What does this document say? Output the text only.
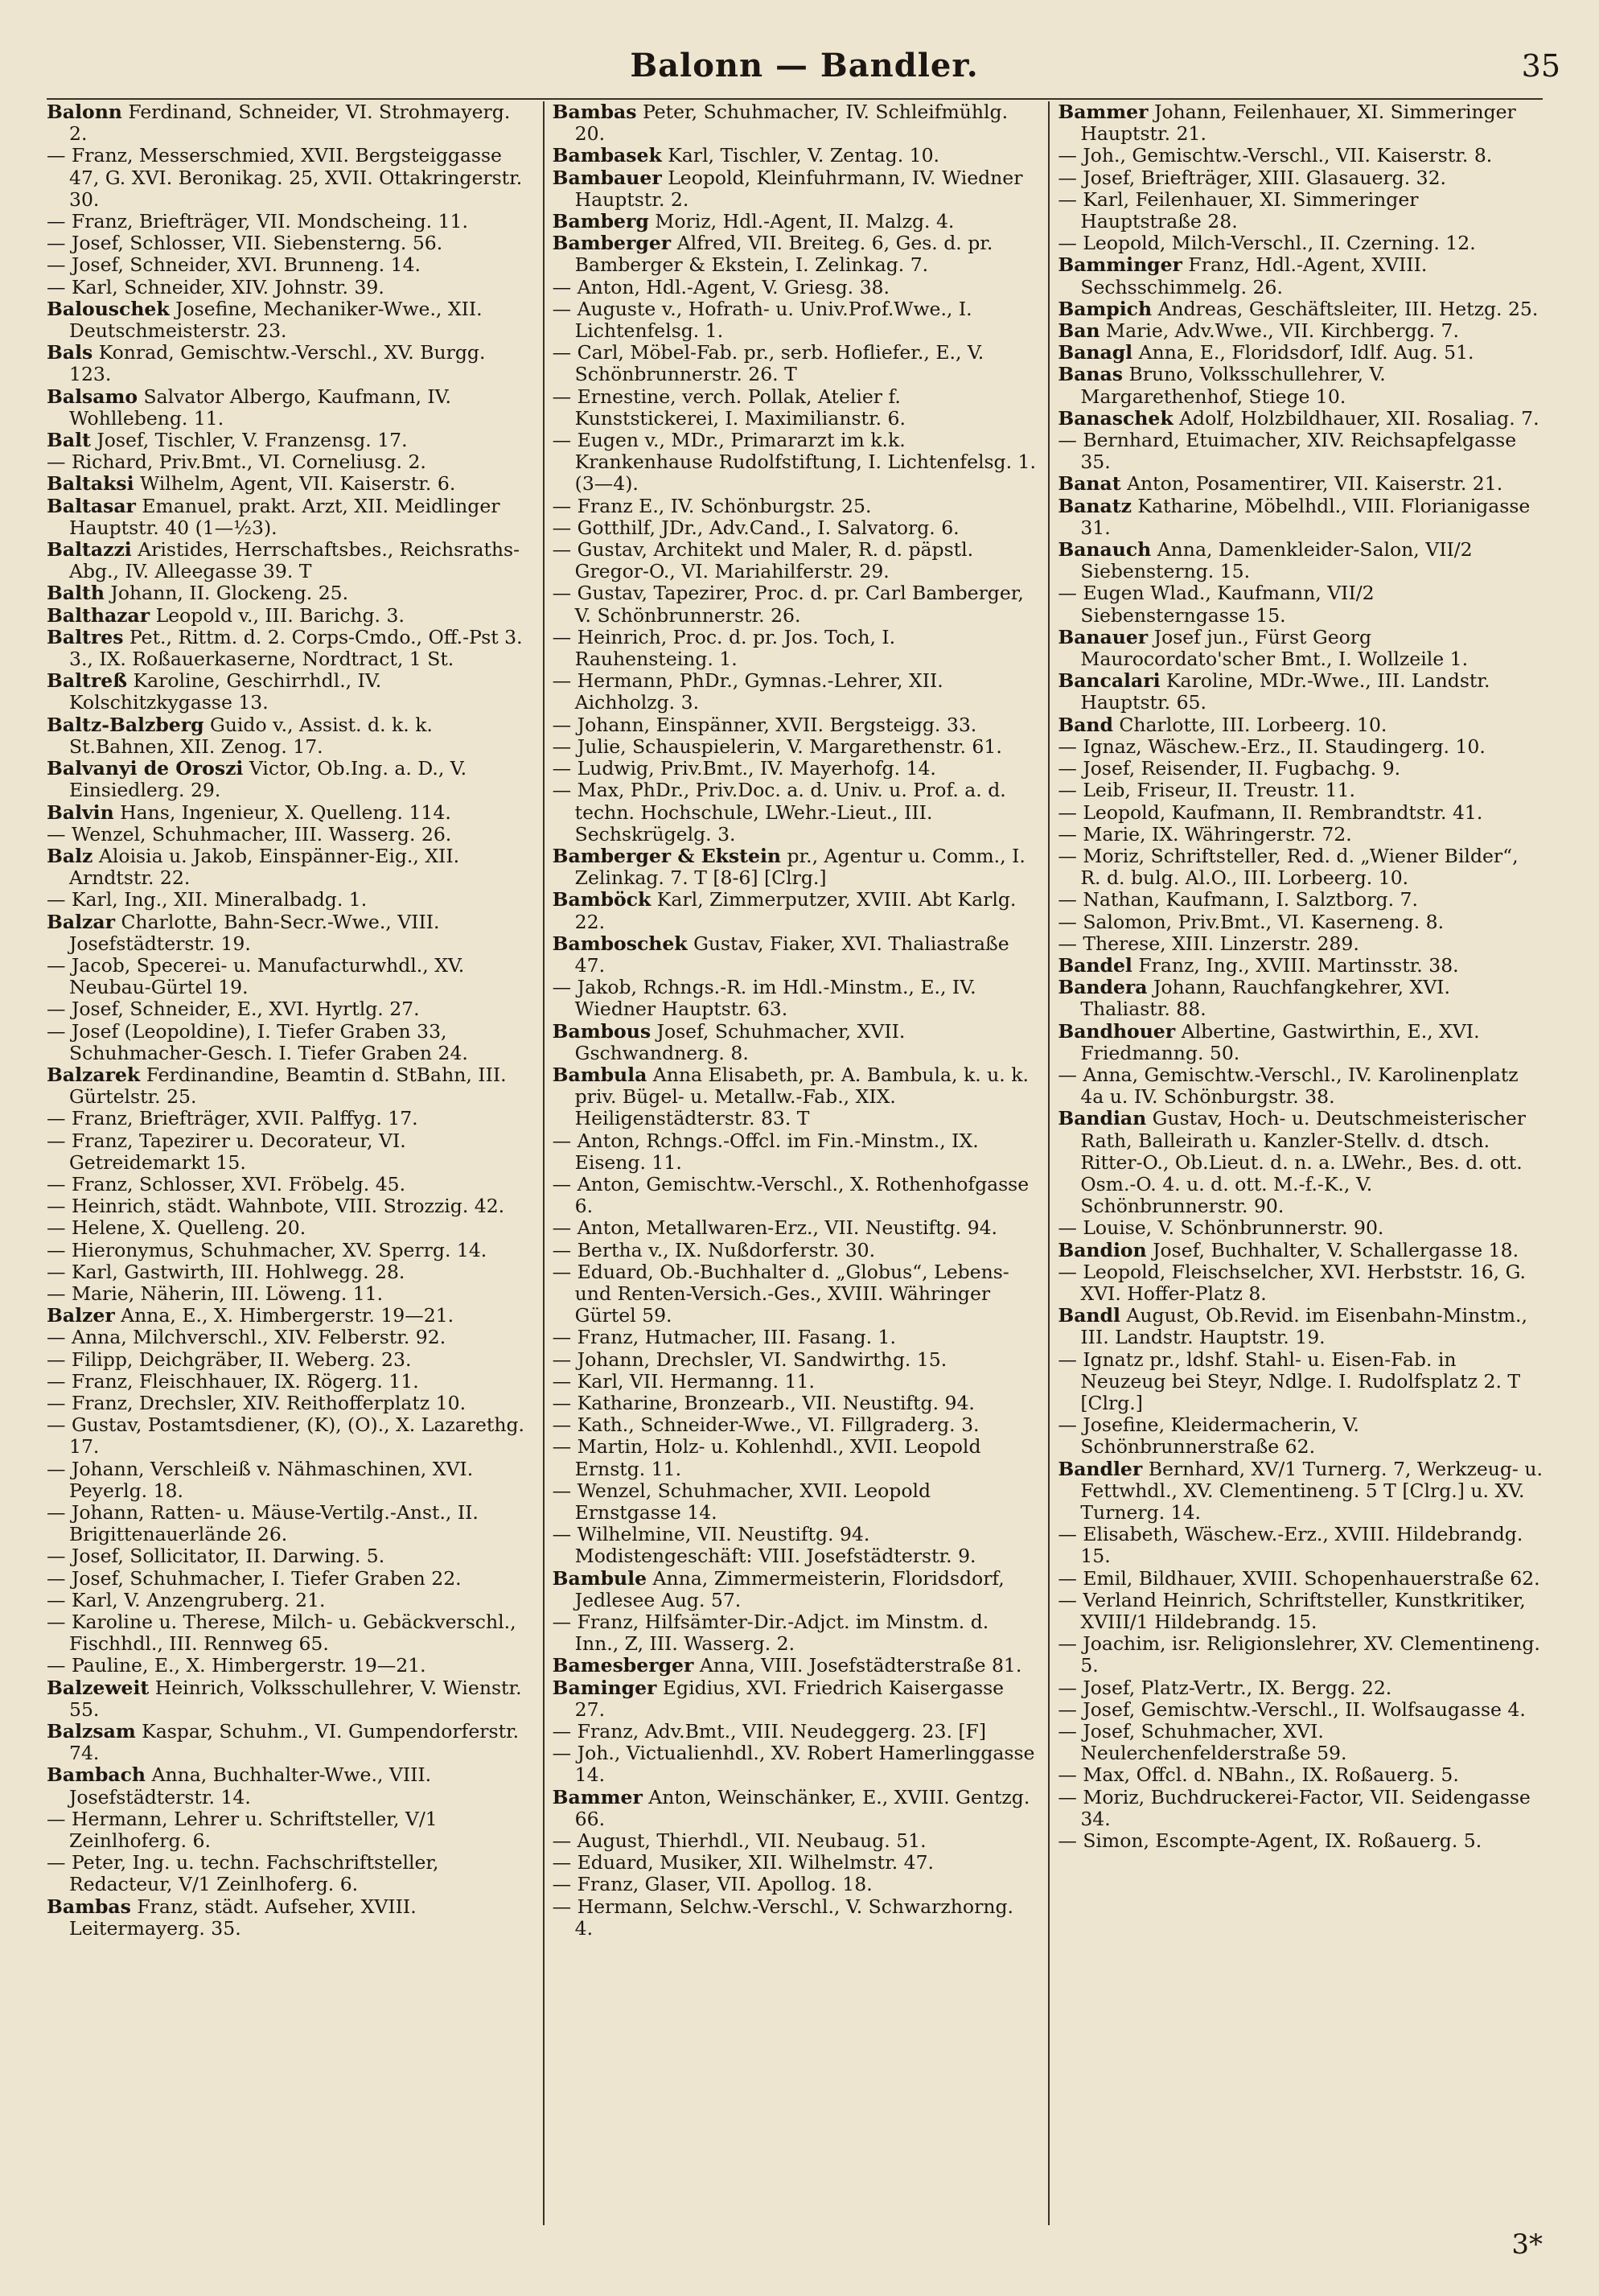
Balonn — Bandler.	35

Balonn Ferdinand, Schneider, VI. Strohmayerg. 2.

— Franz, Messerschmied, XVII. Bergsteiggasse 47, G. XVI. Beronikag. 25, XVII. Ottakringerstr. 30.

— Franz, Briefträger, VII. Mondscheing. 11.

— Josef, Schlosser, VII. Siebensterng. 56.

— Josef, Schneider, XVI. Brunneng. 14.

— Karl, Schneider, XIV. Johnstr. 39.

Balouschek Josefine, Mechaniker-Wwe., XII. Deutschmeisterstr. 23.

Bals Konrad, Gemischtw.-Verschl., XV. Burgg. 123.

Balsamo Salvator Albergo, Kaufmann, IV. Wohllebeng. 11.

Balt Josef, Tischler, V. Franzensg. 17.

— Richard, Priv.Bmt., VI. Corneliusg. 2.

Baltaksi Wilhelm, Agent, VII. Kaiserstr. 6.

Baltasar Emanuel, prakt. Arzt, XII. Meidlinger Hauptstr. 40 (1—½3).

Baltazzi Aristides, Herrschaftsbes., Reichsraths-Abg., IV. Alleegasse 39. T

Balth Johann, II. Glockeng. 25.

Balthazar Leopold v., III. Barichg. 3.

Baltres Pet., Rittm. d. 2. Corps-Cmdo., Off.-Pst 3. 3., IX. Roßauerkaserne, Nordtract, 1 St.

Baltreß Karoline, Geschirrhdl., IV. Kolschitzkygasse 13.

Baltz-Balzberg Guido v., Assist. d. k. k. St.Bahnen, XII. Zenog. 17.

Balvanyi de Oroszi Victor, Ob.Ing. a. D., V. Einsiedlerg. 29.

Balvin Hans, Ingenieur, X. Quelleng. 114.

— Wenzel, Schuhmacher, III. Wasserg. 26.

Balz Aloisia u. Jakob, Einspänner-Eig., XII. Arndtstr. 22.

— Karl, Ing., XII. Mineralbadg. 1.

Balzar Charlotte, Bahn-Secr.-Wwe., VIII. Josefstädterstr. 19.

— Jacob, Specerei- u. Manufacturwhdl., XV. Neubau-Gürtel 19.

— Josef, Schneider, E., XVI. Hyrtlg. 27.

— Josef (Leopoldine), I. Tiefer Graben 33, Schuhmacher-Gesch. I. Tiefer Graben 24.

Balzarek Ferdinandine, Beamtin d. StBahn, III. Gürtelstr. 25.

— Franz, Briefträger, XVII. Palffyg. 17.

— Franz, Tapezirer u. Decorateur, VI. Getreidemarkt 15.

— Franz, Schlosser, XVI. Fröbelg. 45.

— Heinrich, städt. Wahnbote, VIII. Strozzig. 42.

— Helene, X. Quelleng. 20.

— Hieronymus, Schuhmacher, XV. Sperrg. 14.

— Karl, Gastwirth, III. Hohlwegg. 28.

— Marie, Näherin, III. Löweng. 11.

Balzer Anna, E., X. Himbergerstr. 19—21.

— Anna, Milchverschl., XIV. Felberstr. 92.

— Filipp, Deichgräber, II. Weberg. 23.

— Franz, Fleischhauer, IX. Rögerg. 11.

— Franz, Drechsler, XIV. Reithofferplatz 10.

— Gustav, Postamtsdiener, (K), (O)., X. Lazarethg. 17.

— Johann, Verschleiß v. Nähmaschinen, XVI. Peyerlg. 18.

— Johann, Ratten- u. Mäuse-Vertilg.-Anst., II. Brigittenauerlände 26.

— Josef, Sollicitator, II. Darwing. 5.

— Josef, Schuhmacher, I. Tiefer Graben 22.

— Karl, V. Anzengruberg. 21.

— Karoline u. Therese, Milch- u. Gebäckverschl., Fischhdl., III. Rennweg 65.

— Pauline, E., X. Himbergerstr. 19—21.

Balzeweit Heinrich, Volksschullehrer, V. Wienstr. 55.

Balzsam Kaspar, Schuhm., VI. Gumpendorferstr. 74.

Bambach Anna, Buchhalter-Wwe., VIII. Josefstädterstr. 14.

— Hermann, Lehrer u. Schriftsteller, V/1 Zeinlhoferg. 6.

— Peter, Ing. u. techn. Fachschriftsteller, Redacteur, V/1 Zeinlhoferg. 6.

Bambas Franz, städt. Aufseher, XVIII. Leitermayerg. 35.

Bambas Peter, Schuhmacher, IV. Schleifmühlg. 20.

Bambasek Karl, Tischler, V. Zentag. 10.

Bambauer Leopold, Kleinfuhrmann, IV. Wiedner Hauptstr. 2.

Bamberg Moriz, Hdl.-Agent, II. Malzg. 4.

Bamberger Alfred, VII. Breiteg. 6, Ges. d. pr. Bamberger & Ekstein, I. Zelinkag. 7.

— Anton, Hdl.-Agent, V. Griesg. 38.

— Auguste v., Hofrath- u. Univ.Prof.Wwe., I. Lichtenfelsg. 1.

— Carl, Möbel-Fab. pr., serb. Hofliefer., E., V. Schönbrunnerstr. 26. T

— Ernestine, verch. Pollak, Atelier f. Kunststickerei, I. Maximilianstr. 6.

— Eugen v., MDr., Primararzt im k.k. Krankenhause Rudolfstiftung, I. Lichtenfelsg. 1. (3—4).

— Franz E., IV. Schönburgstr. 25.

— Gotthilf, JDr., Adv.Cand., I. Salvatorg. 6.

— Gustav, Architekt und Maler, R. d. päpstl. Gregor-O., VI. Mariahilferstr. 29.

— Gustav, Tapezirer, Proc. d. pr. Carl Bamberger, V. Schönbrunnerstr. 26.

— Heinrich, Proc. d. pr. Jos. Toch, I. Rauhensteing. 1.

— Hermann, PhDr., Gymnas.-Lehrer, XII. Aichholzg. 3.

— Johann, Einspänner, XVII. Bergsteigg. 33.

— Julie, Schauspielerin, V. Margarethenstr. 61.

— Ludwig, Priv.Bmt., IV. Mayerhofg. 14.

— Max, PhDr., Priv.Doc. a. d. Univ. u. Prof. a. d. techn. Hochschule, LWehr.-Lieut., III. Sechskrügelg. 3.

Bamberger & Ekstein pr., Agentur u. Comm., I. Zelinkag. 7. T [8-6] [Clrg.]

Bamböck Karl, Zimmerputzer, XVIII. Abt Karlg. 22.

Bamboschek Gustav, Fiaker, XVI. Thaliastraße 47.

— Jakob, Rchngs.-R. im Hdl.-Minstm., E., IV. Wiedner Hauptstr. 63.

Bambous Josef, Schuhmacher, XVII. Gschwandnerg. 8.

Bambula Anna Elisabeth, pr. A. Bambula, k. u. k. priv. Bügel- u. Metallw.-Fab., XIX. Heiligenstädterstr. 83. T

— Anton, Rchngs.-Offcl. im Fin.-Minstm., IX. Eiseng. 11.

— Anton, Gemischtw.-Verschl., X. Rothenhofgasse 6.

— Anton, Metallwaren-Erz., VII. Neustiftg. 94.

— Bertha v., IX. Nußdorferstr. 30.

— Eduard, Ob.-Buchhalter d. „Globus“, Lebens- und Renten-Versich.-Ges., XVIII. Währinger Gürtel 59.

— Franz, Hutmacher, III. Fasang. 1.

— Johann, Drechsler, VI. Sandwirthg. 15.

— Karl, VII. Hermanng. 11.

— Katharine, Bronzearb., VII. Neustiftg. 94.

— Kath., Schneider-Wwe., VI. Fillgraderg. 3.

— Martin, Holz- u. Kohlenhdl., XVII. Leopold Ernstg. 11.

— Wenzel, Schuhmacher, XVII. Leopold Ernstgasse 14.

— Wilhelmine, VII. Neustiftg. 94. Modistengeschäft: VIII. Josefstädterstr. 9.

Bambule Anna, Zimmermeisterin, Floridsdorf, Jedlesee Aug. 57.

— Franz, Hilfsämter-Dir.-Adjct. im Minstm. d. Inn., Z, III. Wasserg. 2.

Bamesberger Anna, VIII. Josefstädterstraße 81.

Baminger Egidius, XVI. Friedrich Kaisergasse 27.

— Franz, Adv.Bmt., VIII. Neudeggerg. 23. [F]

— Joh., Victualienhdl., XV. Robert Hamerlinggasse 14.

Bammer Anton, Weinschänker, E., XVIII. Gentzg. 66.

— August, Thierhdl., VII. Neubaug. 51.

— Eduard, Musiker, XII. Wilhelmstr. 47.

— Franz, Glaser, VII. Apollog. 18.

— Hermann, Selchw.-Verschl., V. Schwarzhorng. 4.

Bammer Johann, Feilenhauer, XI. Simmeringer Hauptstr. 21.

— Joh., Gemischtw.-Verschl., VII. Kaiserstr. 8.

— Josef, Briefträger, XIII. Glasauerg. 32.

— Karl, Feilenhauer, XI. Simmeringer Hauptstraße 28.

— Leopold, Milch-Verschl., II. Czerning. 12.

Bamminger Franz, Hdl.-Agent, XVIII. Sechsschimmelg. 26.

Bampich Andreas, Geschäftsleiter, III. Hetzg. 25.

Ban Marie, Adv.Wwe., VII. Kirchbergg. 7.

Banagl Anna, E., Floridsdorf, Idlf. Aug. 51.

Banas Bruno, Volksschullehrer, V. Margarethenhof, Stiege 10.

Banaschek Adolf, Holzbildhauer, XII. Rosaliag. 7.

— Bernhard, Etuimacher, XIV. Reichsapfelgasse 35.

Banat Anton, Posamentirer, VII. Kaiserstr. 21.

Banatz Katharine, Möbelhdl., VIII. Florianigasse 31.

Banauch Anna, Damenkleider-Salon, VII/2 Siebensterng. 15.

— Eugen Wlad., Kaufmann, VII/2 Siebensterngasse 15.

Banauer Josef jun., Fürst Georg Maurocordato'scher Bmt., I. Wollzeile 1.

Bancalari Karoline, MDr.-Wwe., III. Landstr. Hauptstr. 65.

Band Charlotte, III. Lorbeerg. 10.

— Ignaz, Wäschew.-Erz., II. Staudingerg. 10.

— Josef, Reisender, II. Fugbachg. 9.

— Leib, Friseur, II. Treustr. 11.

— Leopold, Kaufmann, II. Rembrandtstr. 41.

— Marie, IX. Währingerstr. 72.

— Moriz, Schriftsteller, Red. d. „Wiener Bilder“, R. d. bulg. Al.O., III. Lorbeerg. 10.

— Nathan, Kaufmann, I. Salztborg. 7.

— Salomon, Priv.Bmt., VI. Kaserneng. 8.

— Therese, XIII. Linzerstr. 289.

Bandel Franz, Ing., XVIII. Martinsstr. 38.

Bandera Johann, Rauchfangkehrer, XVI. Thaliastr. 88.

Bandhouer Albertine, Gastwirthin, E., XVI. Friedmanng. 50.

— Anna, Gemischtw.-Verschl., IV. Karolinenplatz 4a u. IV. Schönburgstr. 38.

Bandian Gustav, Hoch- u. Deutschmeisterischer Rath, Balleirath u. Kanzler-Stellv. d. dtsch. Ritter-O., Ob.Lieut. d. n. a. LWehr., Bes. d. ott. Osm.-O. 4. u. d. ott. M.-f.-K., V. Schönbrunnerstr. 90.

— Louise, V. Schönbrunnerstr. 90.

Bandion Josef, Buchhalter, V. Schallergasse 18.

— Leopold, Fleischselcher, XVI. Herbststr. 16, G. XVI. Hoffer-Platz 8.

Bandl August, Ob.Revid. im Eisenbahn-Minstm., III. Landstr. Hauptstr. 19.

— Ignatz pr., ldshf. Stahl- u. Eisen-Fab. in Neuzeug bei Steyr, Ndlge. I. Rudolfsplatz 2. T [Clrg.]

— Josefine, Kleidermacherin, V. Schönbrunnerstraße 62.

Bandler Bernhard, XV/1 Turnerg. 7, Werkzeug- u. Fettwhdl., XV. Clementineng. 5 T [Clrg.] u. XV. Turnerg. 14.

— Elisabeth, Wäschew.-Erz., XVIII. Hildebrandg. 15.

— Emil, Bildhauer, XVIII. Schopenhauerstraße 62.

— Verland Heinrich, Schriftsteller, Kunstkritiker, XVIII/1 Hildebrandg. 15.

— Joachim, isr. Religionslehrer, XV. Clementineng. 5.

— Josef, Platz-Vertr., IX. Bergg. 22.

— Josef, Gemischtw.-Verschl., II. Wolfsaugasse 4.

— Josef, Schuhmacher, XVI. Neulerchenfelderstraße 59.

— Max, Offcl. d. NBahn., IX. Roßauerg. 5.

— Moriz, Buchdruckerei-Factor, VII. Seidengasse 34.

— Simon, Escompte-Agent, IX. Roßauerg. 5.

3*
